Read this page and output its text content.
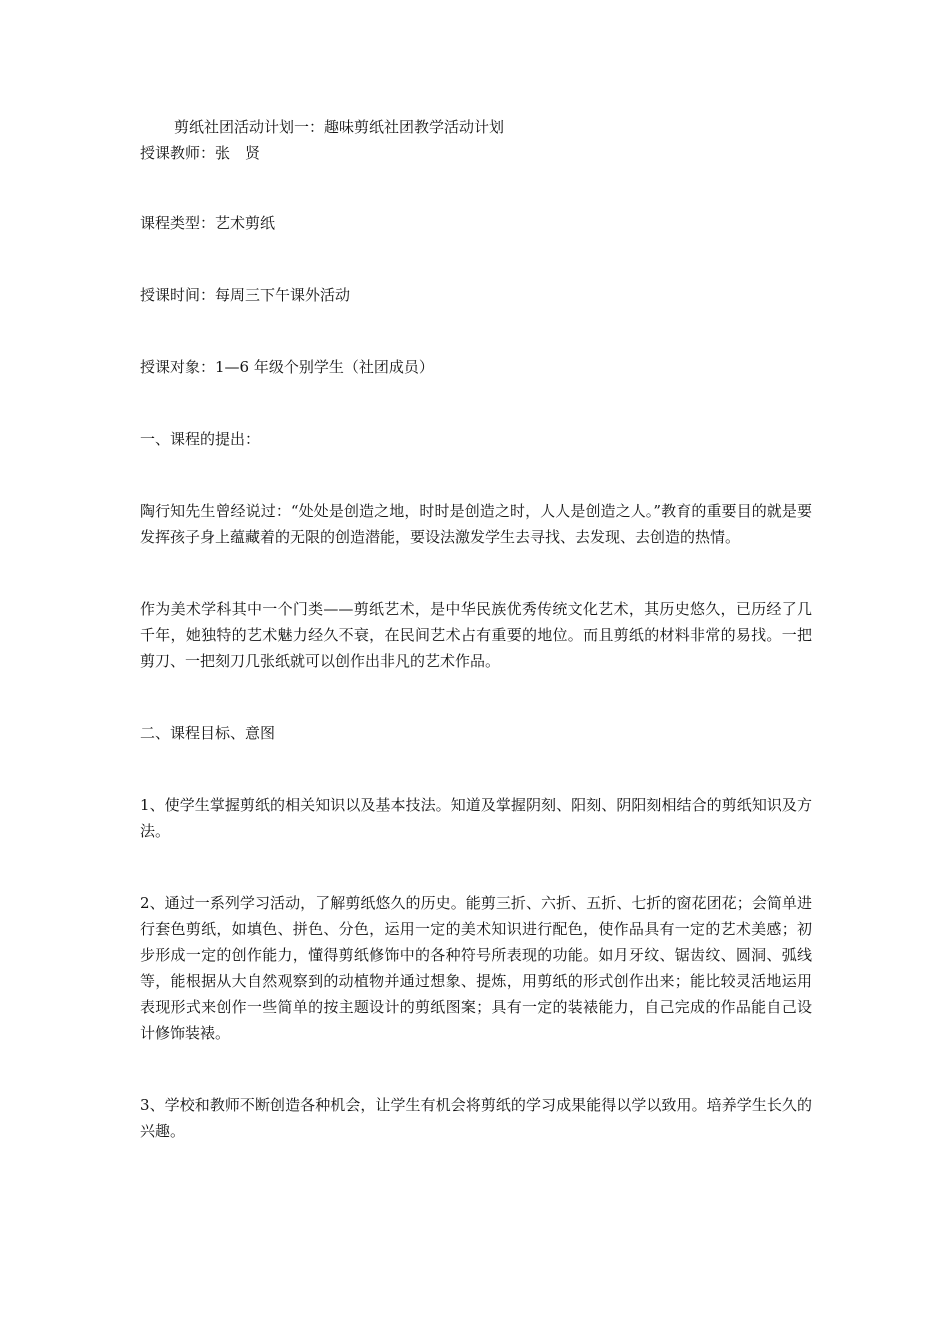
剪纸社团活动计划一：趣味剪纸社团教学活动计划

授课教师：张　贤

课程类型：艺术剪纸

授课时间：每周三下午课外活动

授课对象：1—6 年级个别学生（社团成员）

一、课程的提出：

陶行知先生曾经说过：“处处是创造之地，时时是创造之时，人人是创造之人。”教育的重要目的就是要发挥孩子身上蕴藏着的无限的创造潜能，要设法激发学生去寻找、去发现、去创造的热情。

作为美术学科其中一个门类——剪纸艺术，是中华民族优秀传统文化艺术，其历史悠久，已历经了几千年，她独特的艺术魅力经久不衰，在民间艺术占有重要的地位。而且剪纸的材料非常的易找。一把剪刀、一把刻刀几张纸就可以创作出非凡的艺术作品。

二、课程目标、意图

1、使学生掌握剪纸的相关知识以及基本技法。知道及掌握阴刻、阳刻、阴阳刻相结合的剪纸知识及方法。

2、通过一系列学习活动，了解剪纸悠久的历史。能剪三折、六折、五折、七折的窗花团花；会简单进行套色剪纸，如填色、拼色、分色，运用一定的美术知识进行配色，使作品具有一定的艺术美感；初步形成一定的创作能力，懂得剪纸修饰中的各种符号所表现的功能。如月牙纹、锯齿纹、圆洞、弧线等，能根据从大自然观察到的动植物并通过想象、提炼，用剪纸的形式创作出来；能比较灵活地运用表现形式来创作一些简单的按主题设计的剪纸图案；具有一定的装裱能力，自己完成的作品能自己设计修饰装裱。

3、学校和教师不断创造各种机会，让学生有机会将剪纸的学习成果能得以学以致用。培养学生长久的兴趣。
